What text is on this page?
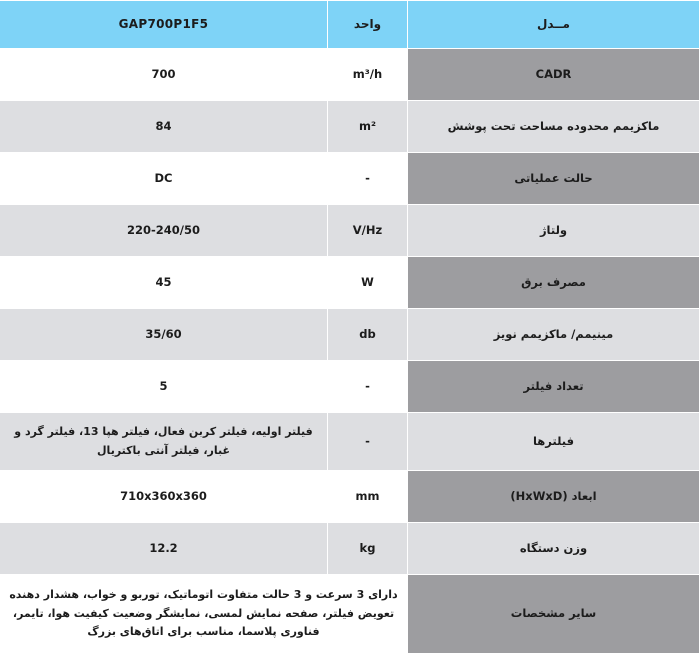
مــدل	واحد	GAP700P1F5
CADR	m³/h	700
ماکزیمم محدوده مساحت تحت پوشش	m²	84
حالت عملیاتی	-	DC
ولتاژ	V/Hz	220-240/50
مصرف برق	W	45
مینیمم/ ماکزیمم نویز	db	35/60
تعداد فیلتر	-	5
فیلترها	-	فیلتر اولیه، فیلتر کربن فعال، فیلتر هپا 13، فیلتر گرد و غبار، فیلتر آنتی باکتریال
ابعاد (HxWxD)	mm	710x360x360
وزن دستگاه	kg	12.2
سایر مشخصات	دارای 3 سرعت و 3 حالت متفاوت اتوماتیک، توربو و خواب، هشدار دهنده تعویض فیلتر، صفحه نمایش لمسی، نمایشگر وضعیت کیفیت هوا، تایمر، فناوری پلاسما، مناسب برای اتاق‌های بزرگ	
